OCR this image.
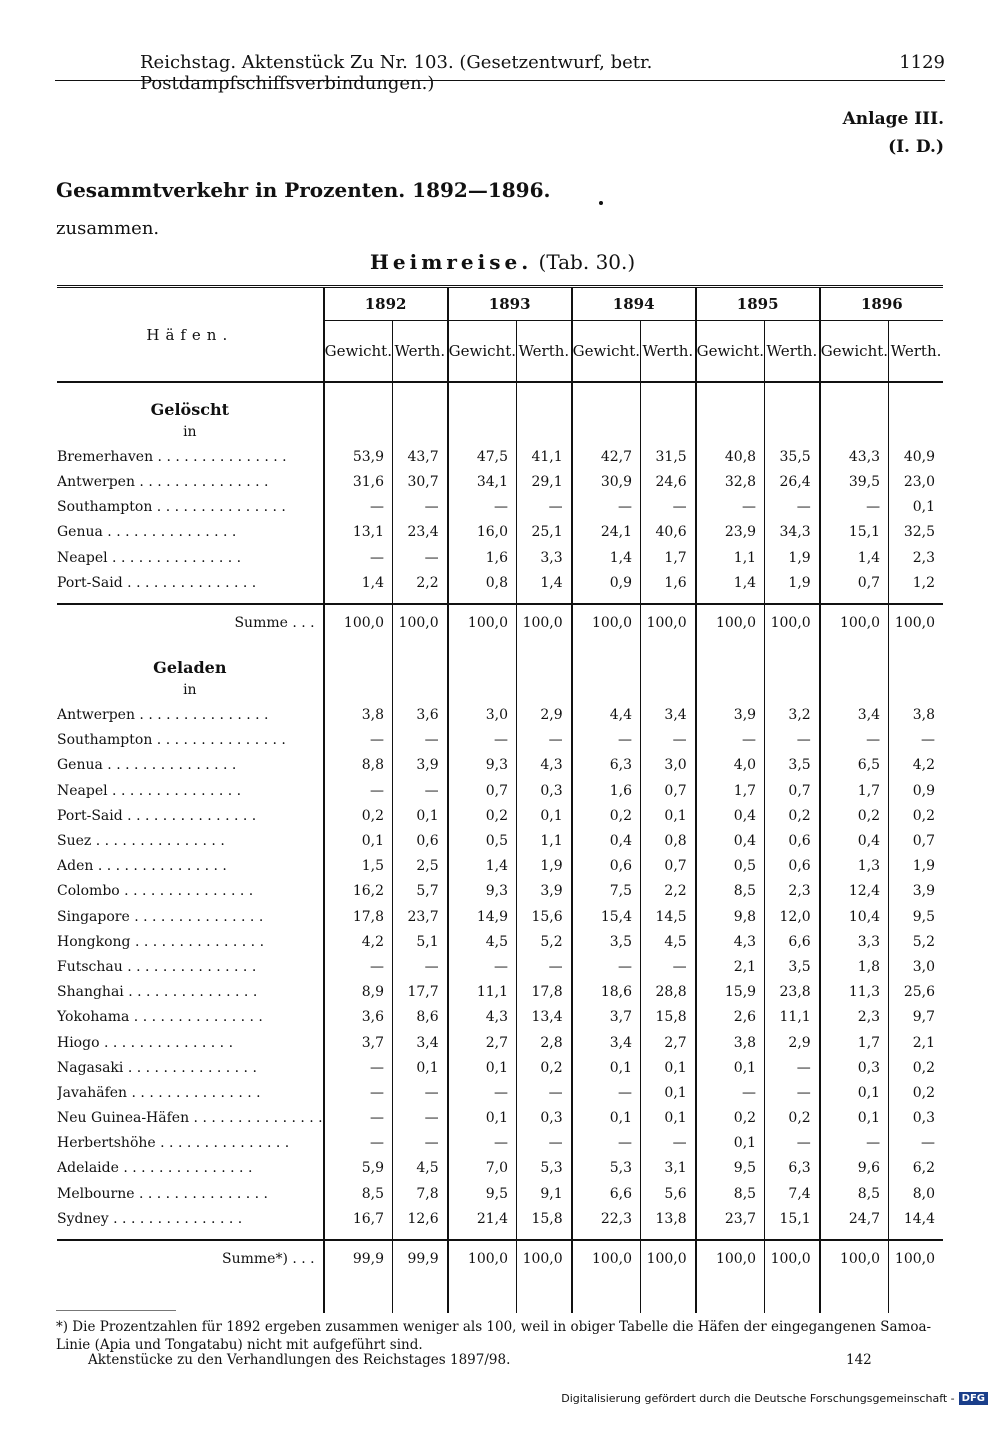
Reichstag. Aktenstück Zu Nr. 103. (Gesetzentwurf, betr. Postdampfschiffsverbindungen.)
1129
Anlage III.
(I. D.)
Gesammtverkehr in Prozenten. 1892—1896.
zusammen.
Heimreise. (Tab. 30.)
Häfen.	1892		1893		1894		1895		1896	
	Gewicht.	Werth.	Gewicht.	Werth.	Gewicht.	Werth.	Gewicht.	Werth.	Gewicht.	Werth.
Gelöscht										
in										
Bremerhaven . . . . . . . . . . . . . . .	53,9	43,7	47,5	41,1	42,7	31,5	40,8	35,5	43,3	40,9
Antwerpen . . . . . . . . . . . . . . .	31,6	30,7	34,1	29,1	30,9	24,6	32,8	26,4	39,5	23,0
Southampton . . . . . . . . . . . . . . .	—	—	—	—	—	—	—	—	—	0,1
Genua . . . . . . . . . . . . . . .	13,1	23,4	16,0	25,1	24,1	40,6	23,9	34,3	15,1	32,5
Neapel . . . . . . . . . . . . . . .	—	—	1,6	3,3	1,4	1,7	1,1	1,9	1,4	2,3
Port-Said . . . . . . . . . . . . . . .	1,4	2,2	0,8	1,4	0,9	1,6	1,4	1,9	0,7	1,2

Summe . . .	100,0	100,0	100,0	100,0	100,0	100,0	100,0	100,0	100,0	100,0
Geladen										
in										
Antwerpen . . . . . . . . . . . . . . .	3,8	3,6	3,0	2,9	4,4	3,4	3,9	3,2	3,4	3,8
Southampton . . . . . . . . . . . . . . .	—	—	—	—	—	—	—	—	—	—
Genua . . . . . . . . . . . . . . .	8,8	3,9	9,3	4,3	6,3	3,0	4,0	3,5	6,5	4,2
Neapel . . . . . . . . . . . . . . .	—	—	0,7	0,3	1,6	0,7	1,7	0,7	1,7	0,9
Port-Said . . . . . . . . . . . . . . .	0,2	0,1	0,2	0,1	0,2	0,1	0,4	0,2	0,2	0,2
Suez . . . . . . . . . . . . . . .	0,1	0,6	0,5	1,1	0,4	0,8	0,4	0,6	0,4	0,7
Aden . . . . . . . . . . . . . . .	1,5	2,5	1,4	1,9	0,6	0,7	0,5	0,6	1,3	1,9
Colombo . . . . . . . . . . . . . . .	16,2	5,7	9,3	3,9	7,5	2,2	8,5	2,3	12,4	3,9
Singapore . . . . . . . . . . . . . . .	17,8	23,7	14,9	15,6	15,4	14,5	9,8	12,0	10,4	9,5
Hongkong . . . . . . . . . . . . . . .	4,2	5,1	4,5	5,2	3,5	4,5	4,3	6,6	3,3	5,2
Futschau . . . . . . . . . . . . . . .	—	—	—	—	—	—	2,1	3,5	1,8	3,0
Shanghai . . . . . . . . . . . . . . .	8,9	17,7	11,1	17,8	18,6	28,8	15,9	23,8	11,3	25,6
Yokohama . . . . . . . . . . . . . . .	3,6	8,6	4,3	13,4	3,7	15,8	2,6	11,1	2,3	9,7
Hiogo . . . . . . . . . . . . . . .	3,7	3,4	2,7	2,8	3,4	2,7	3,8	2,9	1,7	2,1
Nagasaki . . . . . . . . . . . . . . .	—	0,1	0,1	0,2	0,1	0,1	0,1	—	0,3	0,2
Javahäfen . . . . . . . . . . . . . . .	—	—	—	—	—	0,1	—	—	0,1	0,2
Neu Guinea-Häfen . . . . . . . . . . . . . . .	—	—	0,1	0,3	0,1	0,1	0,2	0,2	0,1	0,3
Herbertshöhe . . . . . . . . . . . . . . .	—	—	—	—	—	—	0,1	—	—	—
Adelaide . . . . . . . . . . . . . . .	5,9	4,5	7,0	5,3	5,3	3,1	9,5	6,3	9,6	6,2
Melbourne . . . . . . . . . . . . . . .	8,5	7,8	9,5	9,1	6,6	5,6	8,5	7,4	8,5	8,0
Sydney . . . . . . . . . . . . . . .	16,7	12,6	21,4	15,8	22,3	13,8	23,7	15,1	24,7	14,4

Summe*) . . .	99,9	99,9	100,0	100,0	100,0	100,0	100,0	100,0	100,0	100,0

*) Die Prozentzahlen für 1892 ergeben zusammen weniger als 100, weil in obiger Tabelle die Häfen der eingegangenen Samoa-Linie (Apia und Tongatabu) nicht mit aufgeführt sind.
Aktenstücke zu den Verhandlungen des Reichstages 1897/98.	142
Digitalisierung gefördert durch die Deutsche Forschungsgemeinschaft - DFG
